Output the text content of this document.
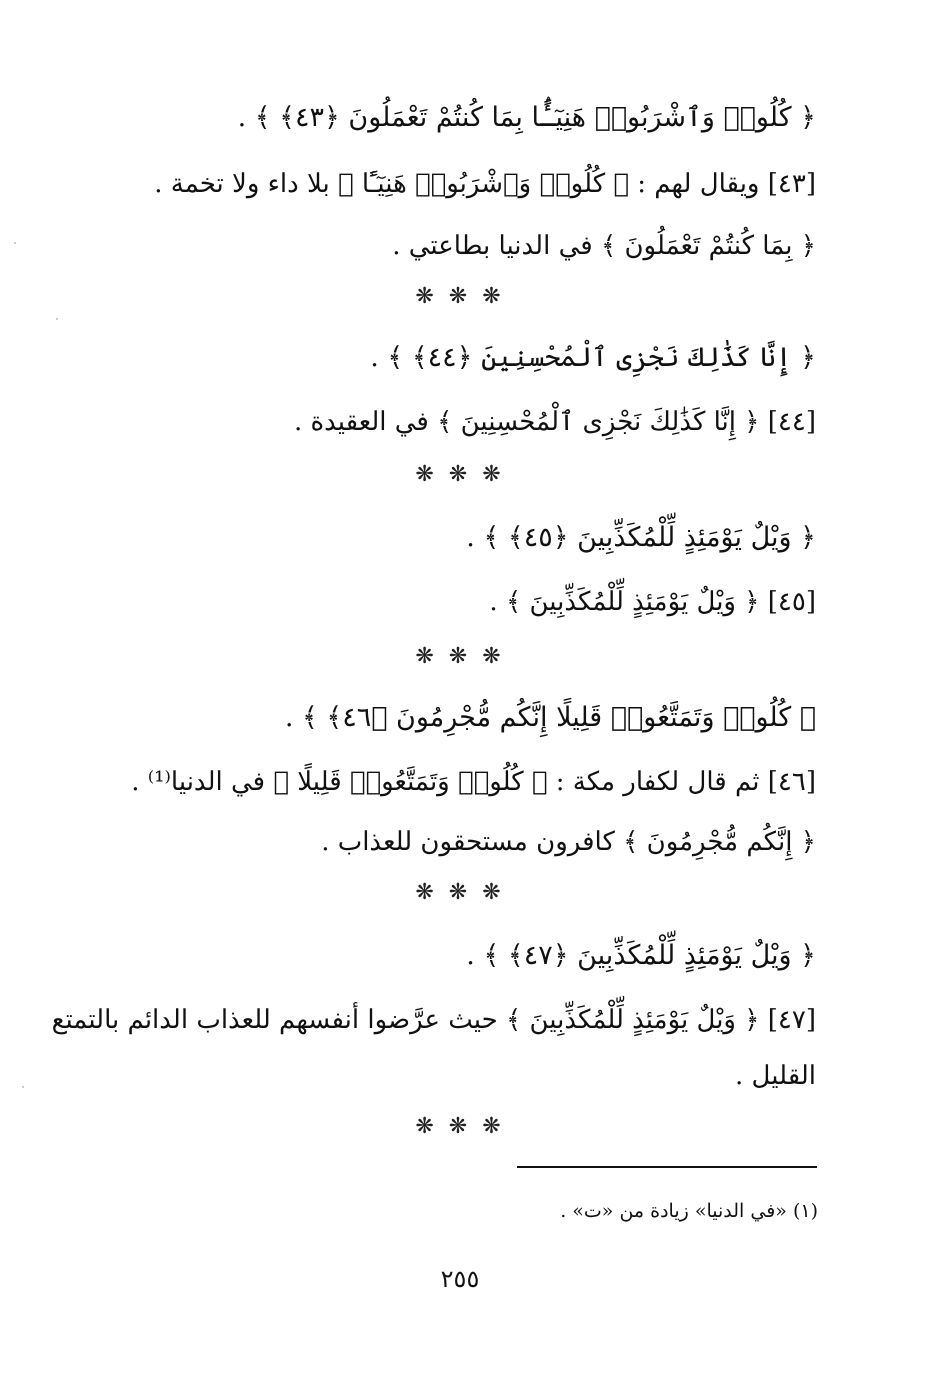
﴿ كُلُوا۟ وَٱشْرَبُوا۟ هَنِيٓـًٔۢا بِمَا كُنتُمْ تَعْمَلُونَ ﴿٤٣﴾ ﴾ .
[٤٣] ويقال لهم : ﴿ كُلُوا۟ وَٱشْرَبُوا۟ هَنِيٓـًٔا ﴾ بلا داء ولا تخمة .
﴿ بِمَا كُنتُمْ تَعْمَلُونَ ﴾ في الدنيا بطاعتي .
❋ ❋ ❋
﴿ إِنَّا كَذَٰلِكَ نَجْزِى ٱلْمُحْسِنِينَ ﴿٤٤﴾ ﴾ .
[٤٤] ﴿ إِنَّا كَذَٰلِكَ نَجْزِى ٱلْمُحْسِنِينَ ﴾ في العقيدة .
❋ ❋ ❋
﴿ وَيْلٌ يَوْمَئِذٍ لِّلْمُكَذِّبِينَ ﴿٤٥﴾ ﴾ .
[٤٥] ﴿ وَيْلٌ يَوْمَئِذٍ لِّلْمُكَذِّبِينَ ﴾ .
❋ ❋ ❋
﴿ كُلُوا۟ وَتَمَتَّعُوا۟ قَلِيلًا إِنَّكُم مُّجْرِمُونَ ﴿٤٦﴾ ﴾ .
[٤٦] ثم قال لكفار مكة : ﴿ كُلُوا۟ وَتَمَتَّعُوا۟ قَلِيلًا ﴾ في الدنيا⁽¹⁾ .
﴿ إِنَّكُم مُّجْرِمُونَ ﴾ كافرون مستحقون للعذاب .
❋ ❋ ❋
﴿ وَيْلٌ يَوْمَئِذٍ لِّلْمُكَذِّبِينَ ﴿٤٧﴾ ﴾ .
[٤٧] ﴿ وَيْلٌ يَوْمَئِذٍ لِّلْمُكَذِّبِينَ ﴾ حيث عرَّضوا أنفسهم للعذاب الدائم بالتمتع
القليل .
❋ ❋ ❋
(١) «في الدنيا» زيادة من «ت» .
٢٥٥
